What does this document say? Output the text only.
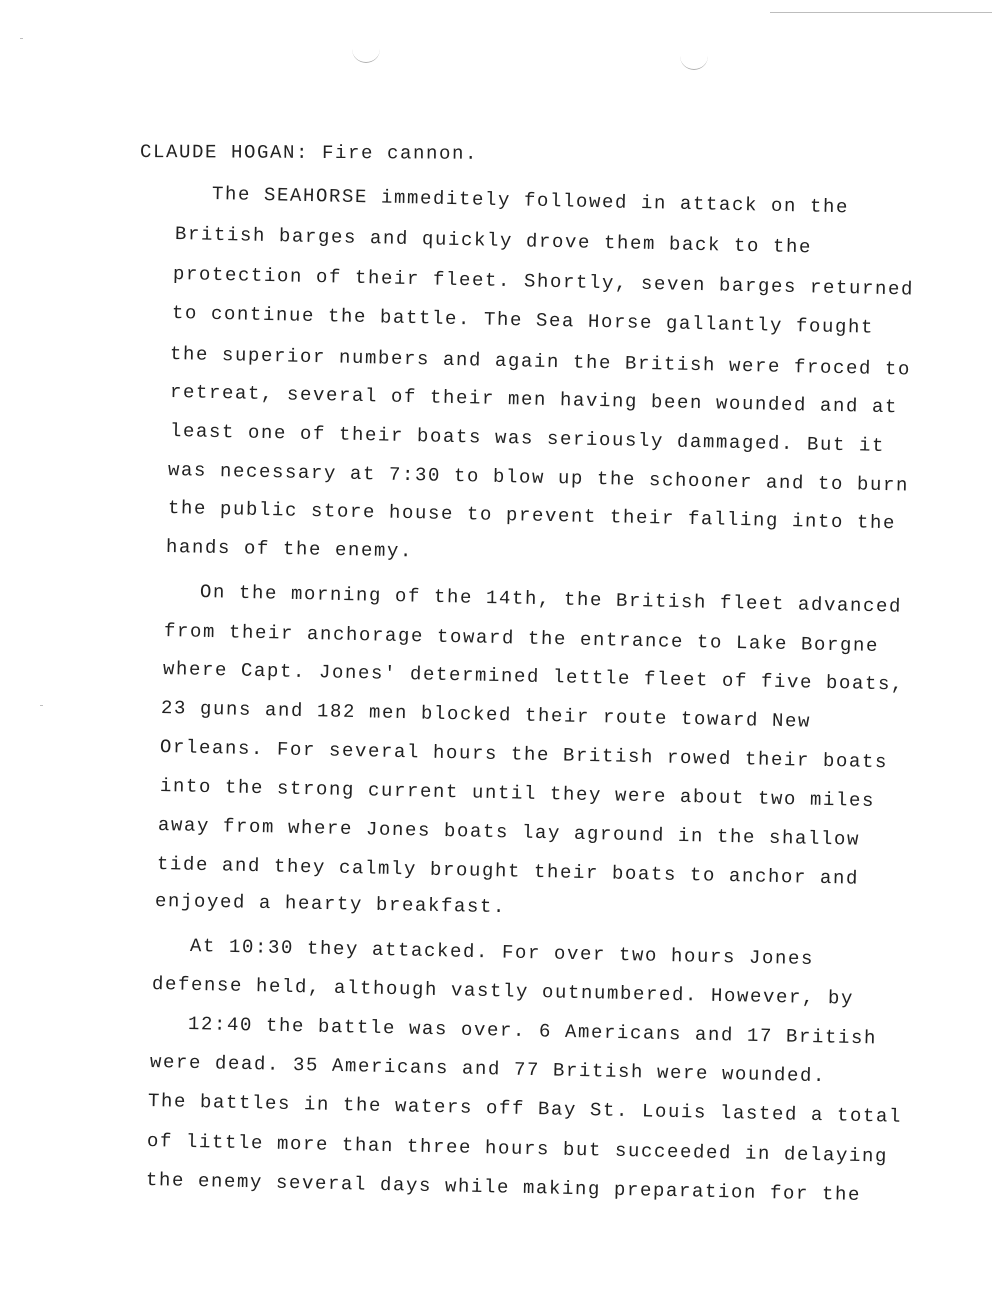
CLAUDE HOGAN: Fire cannon.
The SEAHORSE immeditely followed in attack on the
British barges and quickly drove them back to the
protection of their fleet. Shortly, seven barges returned
to continue the battle. The Sea Horse gallantly fought
the superior numbers and again the British were froced to
retreat, several of their men having been wounded and at
least one of their boats was seriously dammaged. But it
was necessary at 7:30 to blow up the schooner and to burn
the public store house to prevent their falling into the
hands of the enemy.
On the morning of the 14th, the British fleet advanced
from their anchorage toward the entrance to Lake Borgne
where Capt. Jones' determined lettle fleet of five boats,
23 guns and 182 men blocked their route toward New
Orleans. For several hours the British rowed their boats
into the strong current until they were about two miles
away from where Jones boats lay aground in the shallow
tide and they calmly brought their boats to anchor and
enjoyed a hearty breakfast.
At 10:30 they attacked. For over two hours Jones
defense held, although vastly outnumbered. However, by
12:40 the battle was over. 6 Americans and 17 British
were dead. 35 Americans and 77 British were wounded.
The battles in the waters off Bay St. Louis lasted a total
of little more than three hours but succeeded in delaying
the enemy several days while making preparation for the
